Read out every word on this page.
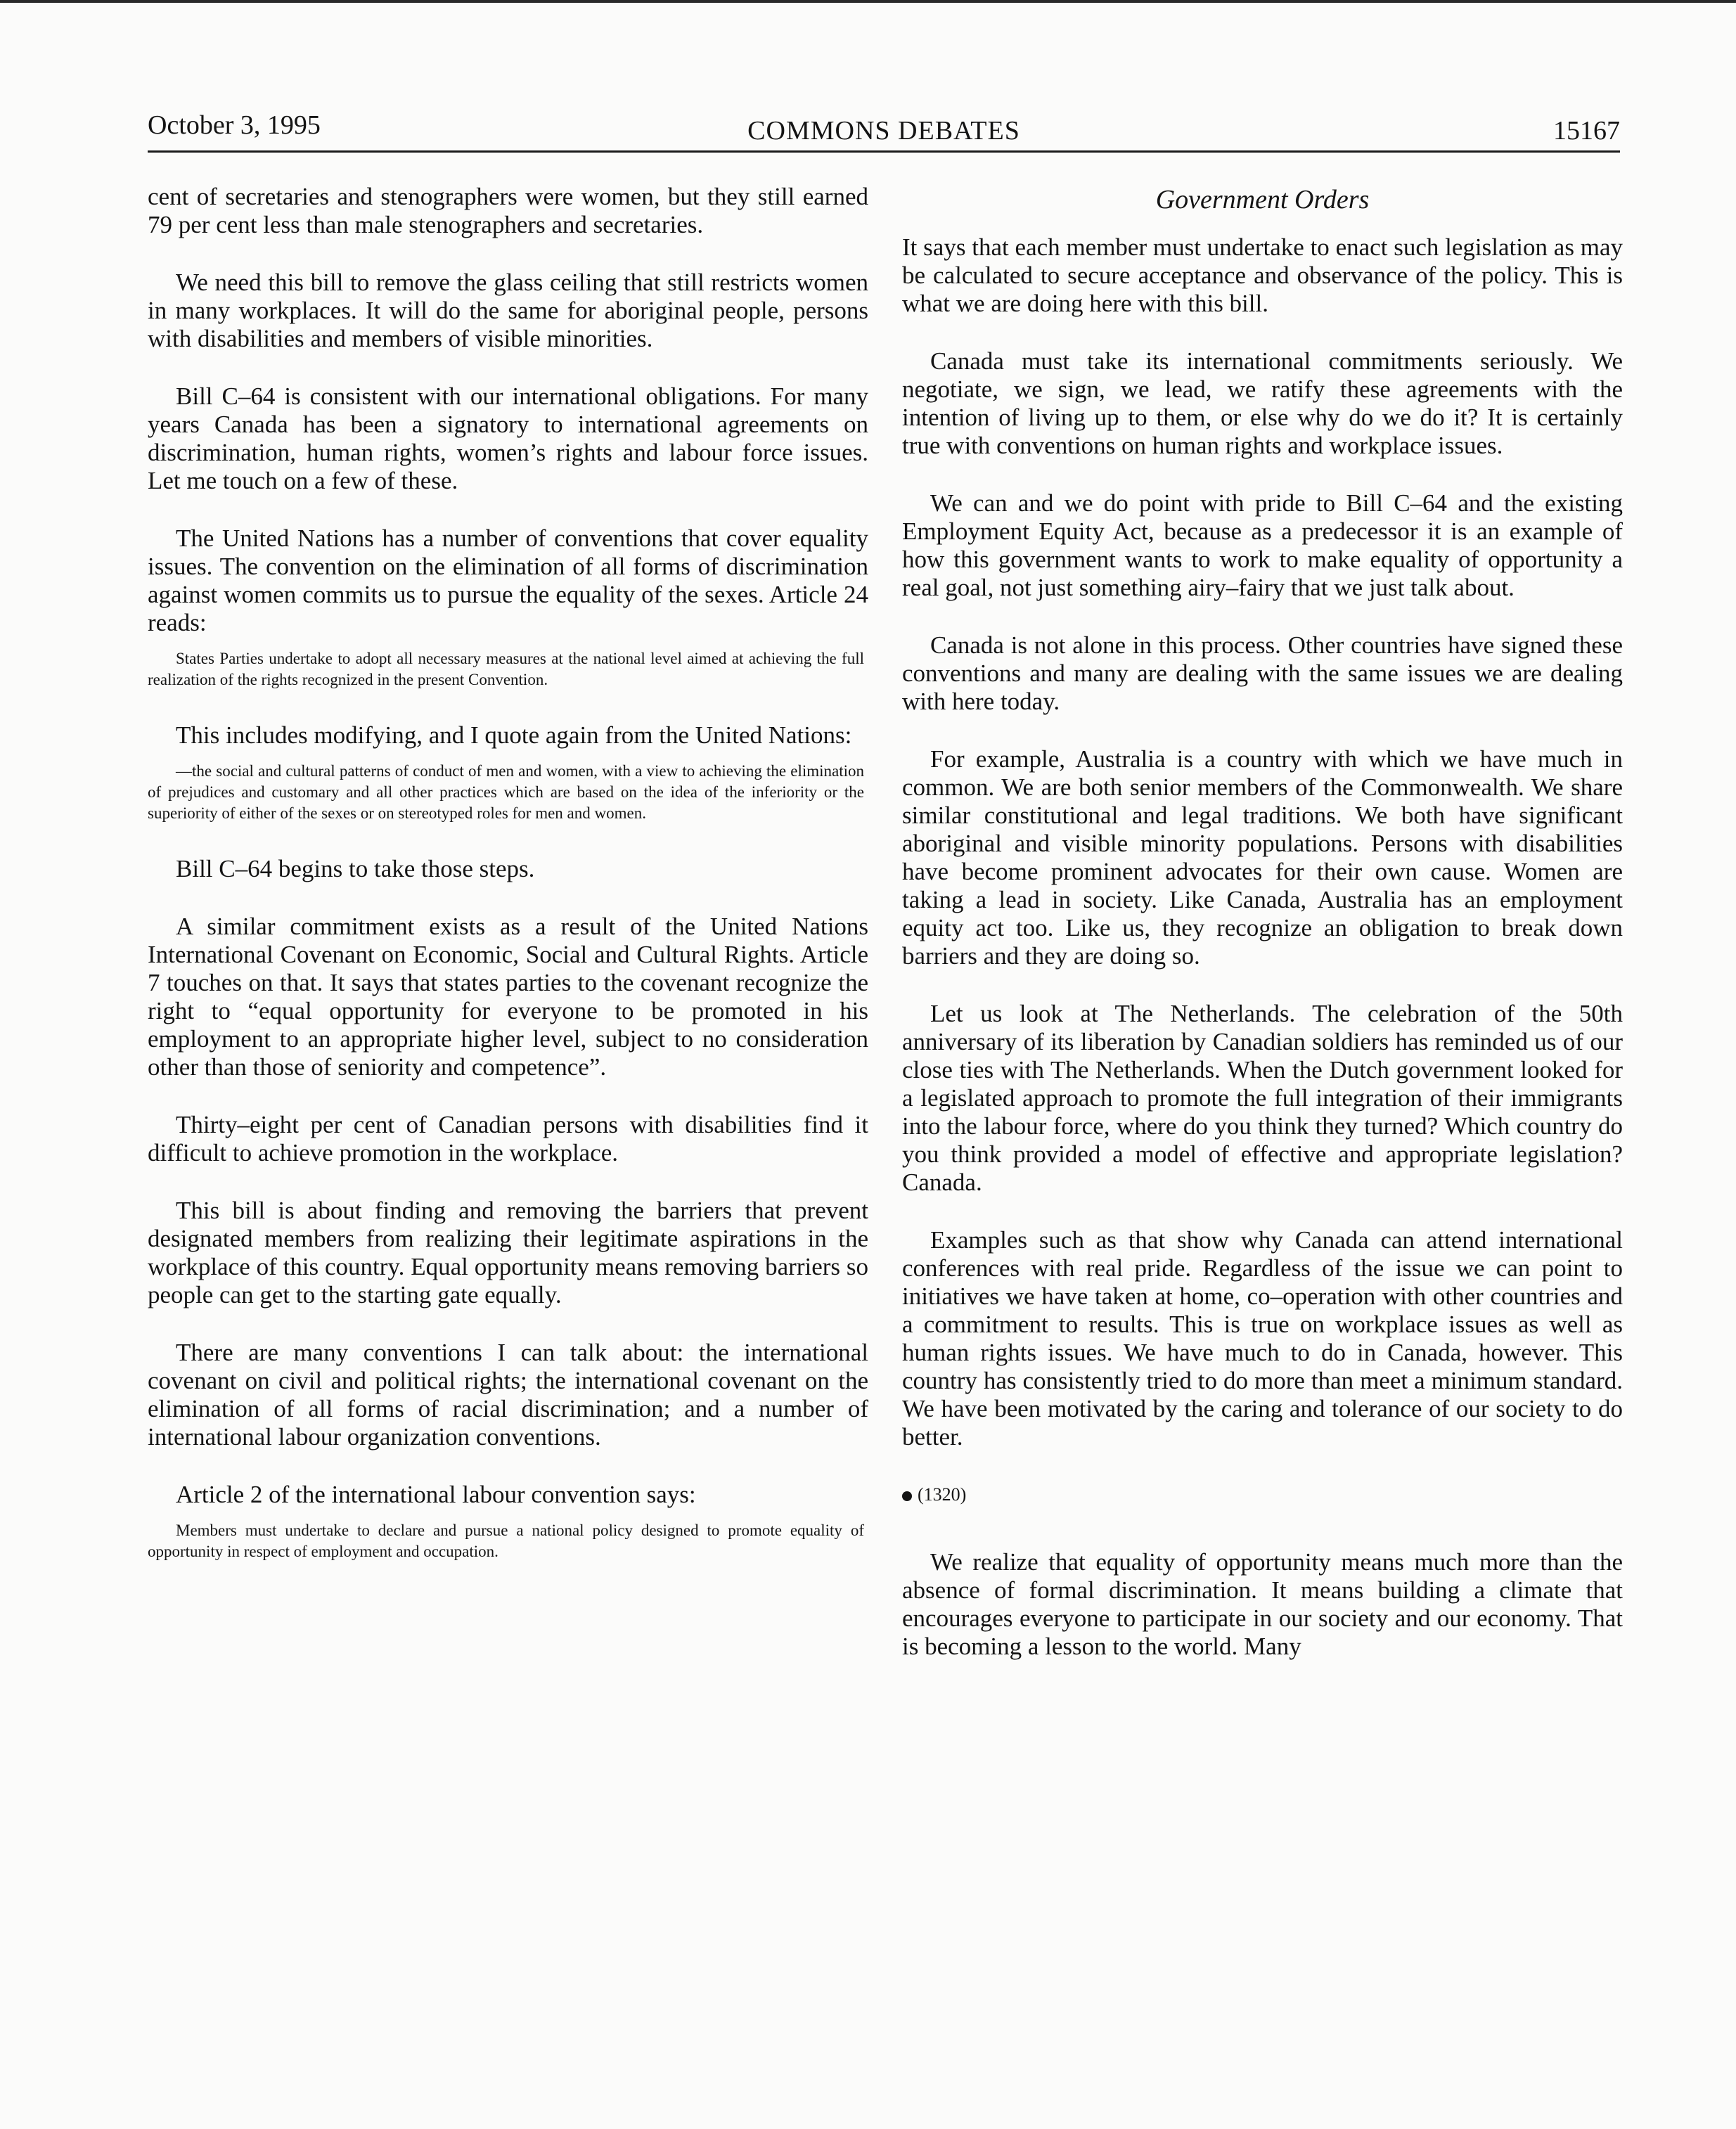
October 3, 1995	COMMONS DEBATES	15167

cent of secretaries and stenographers were women, but they still earned 79 per cent less than male stenographers and secretaries.

We need this bill to remove the glass ceiling that still restricts women in many workplaces. It will do the same for aboriginal people, persons with disabilities and members of visible minorities.

Bill C–64 is consistent with our international obligations. For many years Canada has been a signatory to international agreements on discrimination, human rights, women’s rights and labour force issues. Let me touch on a few of these.

The United Nations has a number of conventions that cover equality issues. The convention on the elimination of all forms of discrimination against women commits us to pursue the equality of the sexes. Article 24 reads:

States Parties undertake to adopt all necessary measures at the national level aimed at achieving the full realization of the rights recognized in the present Convention.

This includes modifying, and I quote again from the United Nations:

—the social and cultural patterns of conduct of men and women, with a view to achieving the elimination of prejudices and customary and all other practices which are based on the idea of the inferiority or the superiority of either of the sexes or on stereotyped roles for men and women.

Bill C–64 begins to take those steps.

A similar commitment exists as a result of the United Nations International Covenant on Economic, Social and Cultural Rights. Article 7 touches on that. It says that states parties to the covenant recognize the right to “equal opportunity for everyone to be promoted in his employment to an appropriate higher level, subject to no consideration other than those of seniority and competence”.

Thirty–eight per cent of Canadian persons with disabilities find it difficult to achieve promotion in the workplace.

This bill is about finding and removing the barriers that prevent designated members from realizing their legitimate aspirations in the workplace of this country. Equal opportunity means removing barriers so people can get to the starting gate equally.

There are many conventions I can talk about: the international covenant on civil and political rights; the international covenant on the elimination of all forms of racial discrimination; and a number of international labour organization conventions.

Article 2 of the international labour convention says:

Members must undertake to declare and pursue a national policy designed to promote equality of opportunity in respect of employment and occupation.

Government Orders

It says that each member must undertake to enact such legislation as may be calculated to secure acceptance and observance of the policy. This is what we are doing here with this bill.

Canada must take its international commitments seriously. We negotiate, we sign, we lead, we ratify these agreements with the intention of living up to them, or else why do we do it? It is certainly true with conventions on human rights and workplace issues.

We can and we do point with pride to Bill C–64 and the existing Employment Equity Act, because as a predecessor it is an example of how this government wants to work to make equality of opportunity a real goal, not just something airy–fairy that we just talk about.

Canada is not alone in this process. Other countries have signed these conventions and many are dealing with the same issues we are dealing with here today.

For example, Australia is a country with which we have much in common. We are both senior members of the Commonwealth. We share similar constitutional and legal traditions. We both have significant aboriginal and visible minority populations. Persons with disabilities have become prominent advocates for their own cause. Women are taking a lead in society. Like Canada, Australia has an employment equity act too. Like us, they recognize an obligation to break down barriers and they are doing so.

Let us look at The Netherlands. The celebration of the 50th anniversary of its liberation by Canadian soldiers has reminded us of our close ties with The Netherlands. When the Dutch government looked for a legislated approach to promote the full integration of their immigrants into the labour force, where do you think they turned? Which country do you think provided a model of effective and appropriate legislation? Canada.

Examples such as that show why Canada can attend international conferences with real pride. Regardless of the issue we can point to initiatives we have taken at home, co–operation with other countries and a commitment to results. This is true on workplace issues as well as human rights issues. We have much to do in Canada, however. This country has consistently tried to do more than meet a minimum standard. We have been motivated by the caring and tolerance of our society to do better.

(1320)

We realize that equality of opportunity means much more than the absence of formal discrimination. It means building a climate that encourages everyone to participate in our society and our economy. That is becoming a lesson to the world. Many
